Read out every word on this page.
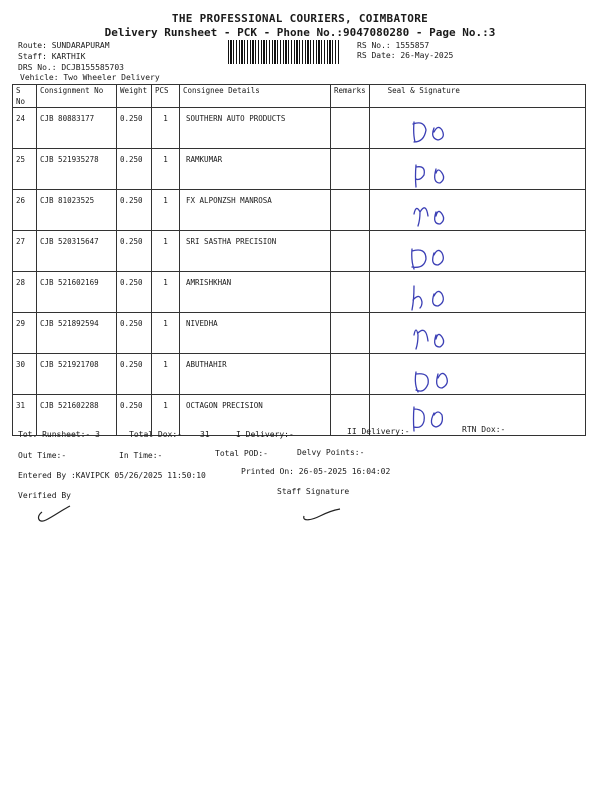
THE PROFESSIONAL COURIERS, COIMBATORE
Delivery Runsheet - PCK - Phone No.:9047080280 - Page No.:3
Route: SUNDARAPURAM
Staff: KARTHIK
DRS No.: DCJB155585703
Vehicle: Two Wheeler Delivery
RS No.: 1555857
RS Date: 26-May-2025
S No	Consignment No	Weight	PCS	Consignee Details	Remarks	Seal & Signature
24	CJB 80883177	0.250	1	SOUTHERN AUTO PRODUCTS		

25	CJB 521935278	0.250	1	RAMKUMAR		

26	CJB 81023525	0.250	1	FX ALPONZSH MANROSA		

27	CJB 520315647	0.250	1	SRI SASTHA PRECISION		

28	CJB 521602169	0.250	1	AMRISHKHAN		

29	CJB 521892594	0.250	1	NIVEDHA		

30	CJB 521921708	0.250	1	ABUTHAHIR		

31	CJB 521602288	0.250	1	OCTAGON PRECISION		
Tot. Runsheet:- 3	Total Dox:- 31	I Delivery:-	II Delivery:-	RTN Dox:-
Out Time:-	In Time:-	Total POD:-	Delvy Points:-
Entered By :KAVIPCK 05/26/2025 11:50:10	Printed On: 26-05-2025 16:04:02
Verified By	Staff Signature
